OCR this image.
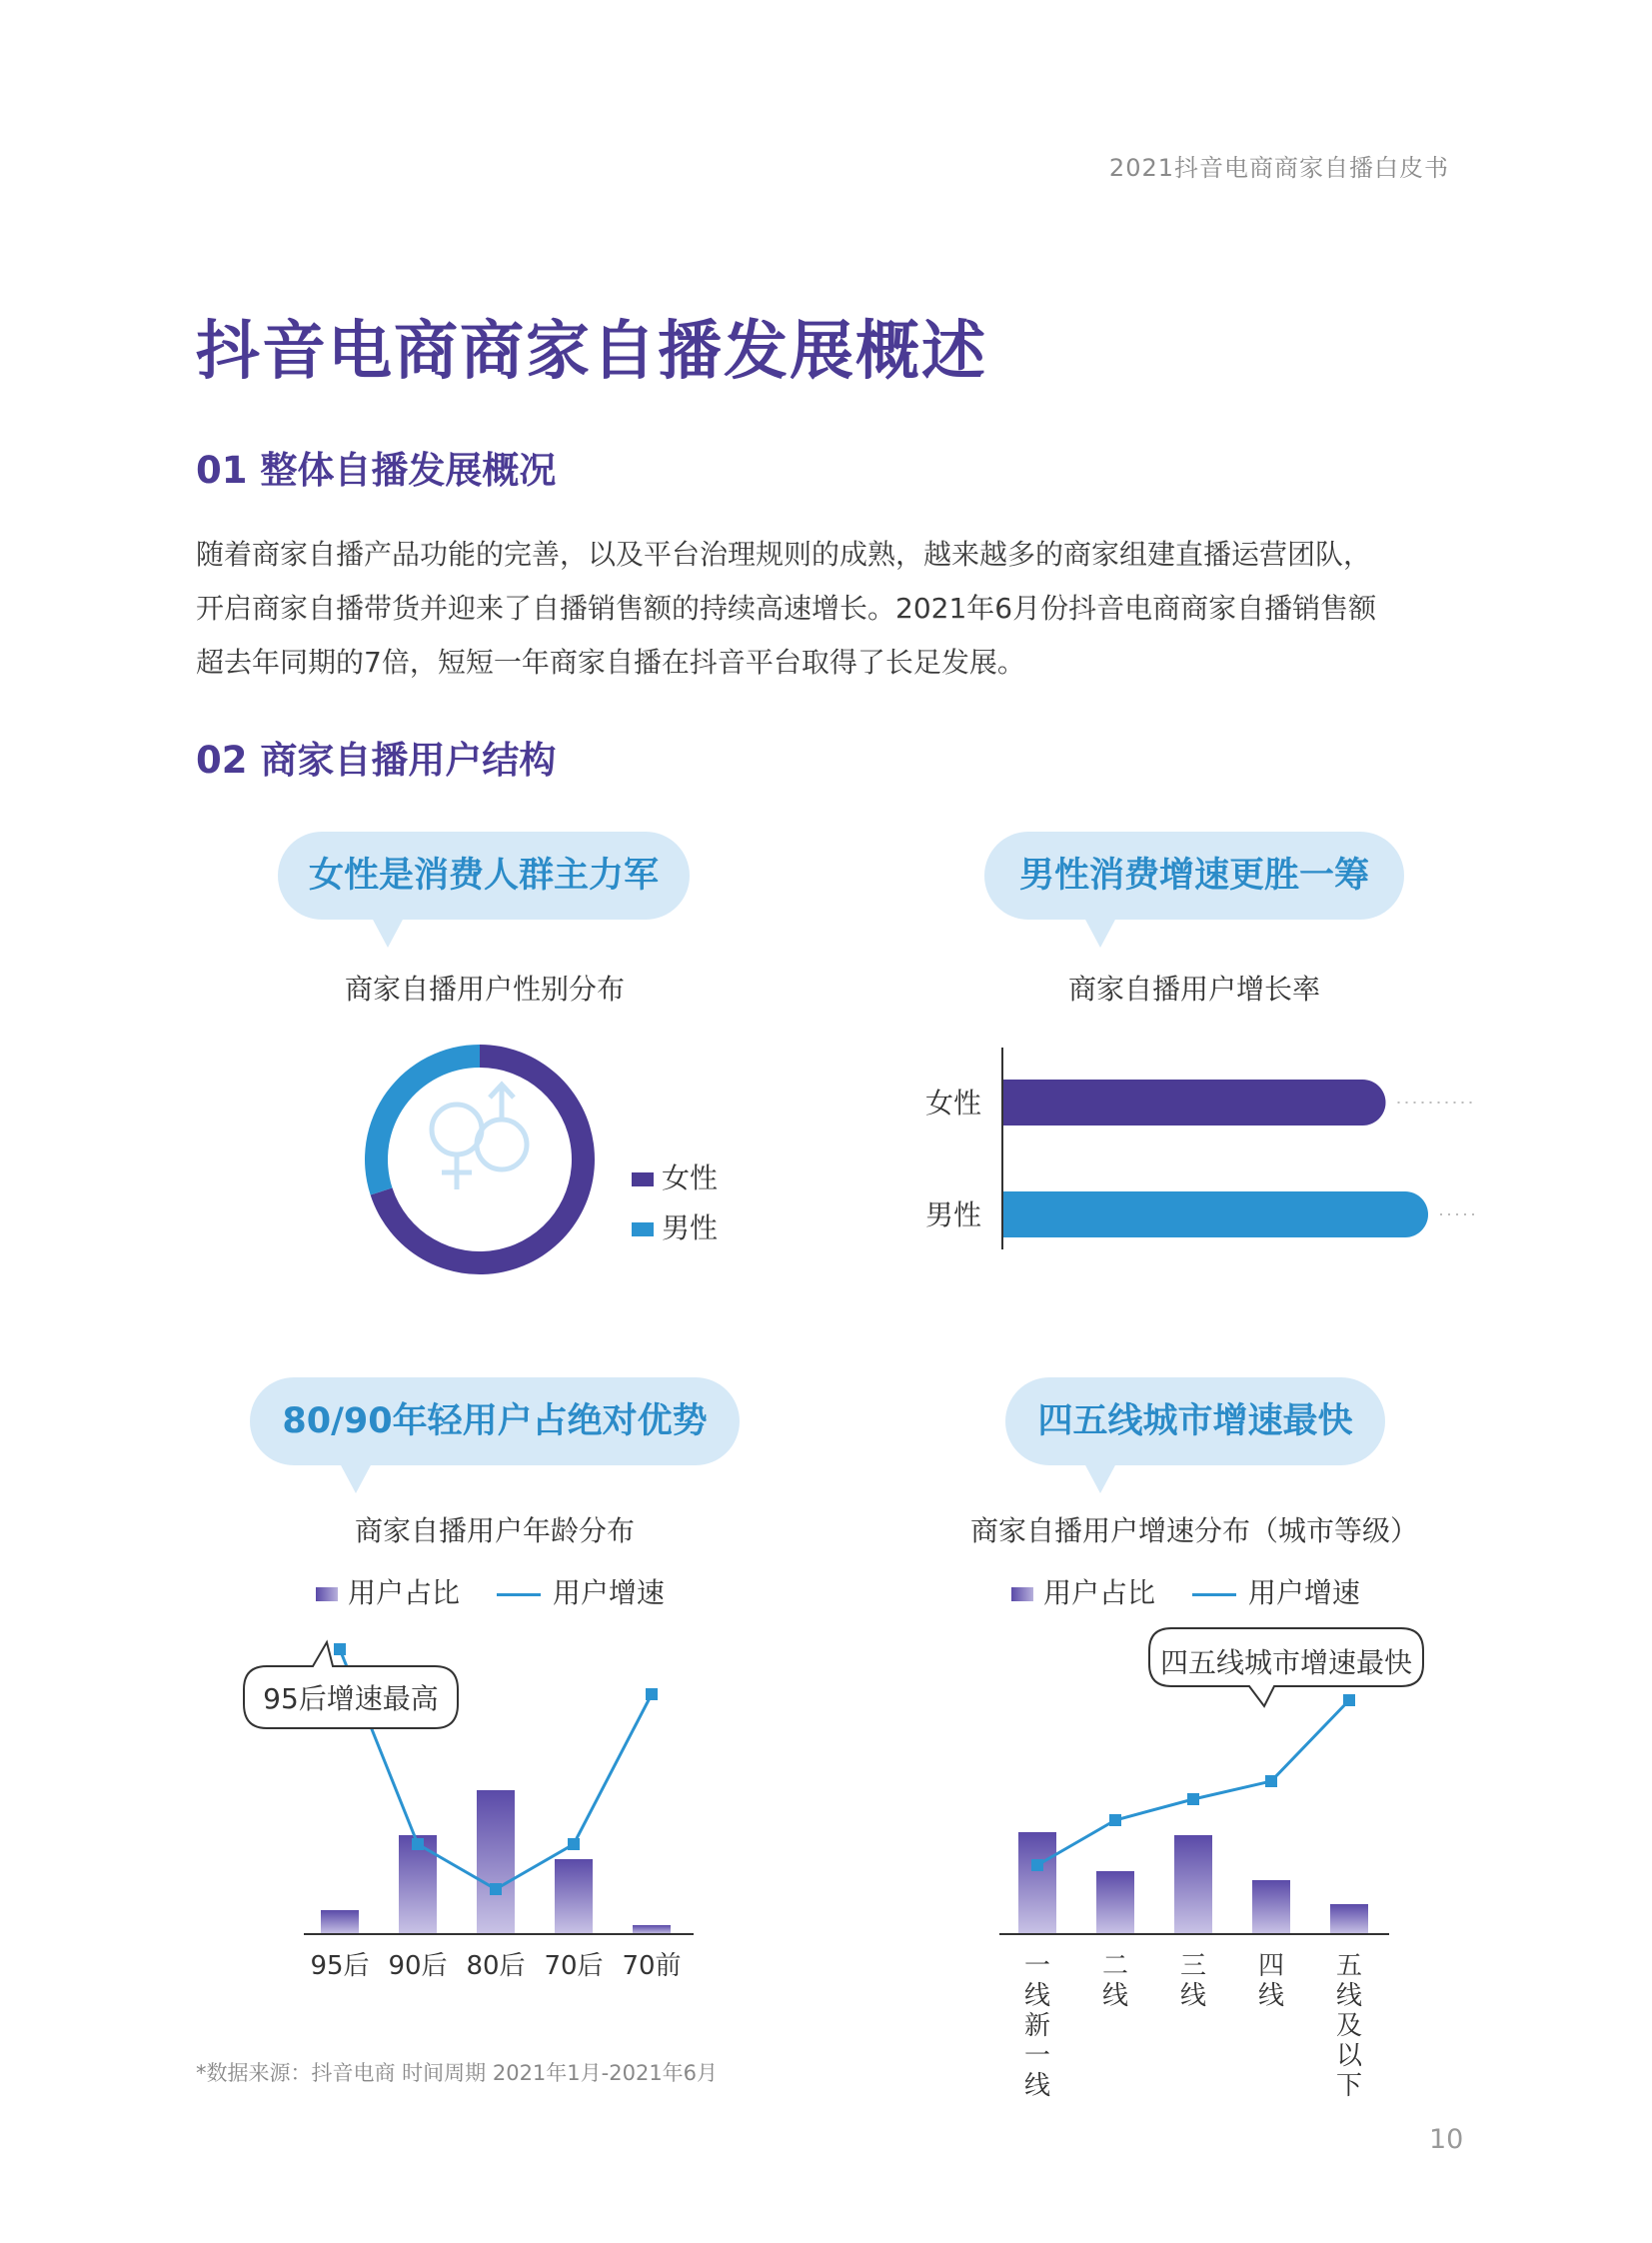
2021抖音电商商家自播白皮书
抖音电商商家自播发展概述
01 整体自播发展概况
随着商家自播产品功能的完善，以及平台治理规则的成熟，越来越多的商家组建直播运营团队，
开启商家自播带货并迎来了自播销售额的持续高速增长。2021年6月份抖音电商商家自播销售额
超去年同期的7倍，短短一年商家自播在抖音平台取得了长足发展。
02 商家自播用户结构
女性是消费人群主力军
商家自播用户性别分布
女性
男性
男性消费增速更胜一筹
商家自播用户增长率
女性
男性
80/90年轻用户占绝对优势
商家自播用户年龄分布
用户占比	用户增速
95后 90后 80后 70后 70前
95后增速最高
四五线城市增速最快
商家自播用户增速分布（城市等级）
用户占比	用户增速
一线新一线
二线
三线
四线
五线及以下
四五线城市增速最快
*数据来源：抖音电商 时间周期 2021年1月-2021年6月
10
